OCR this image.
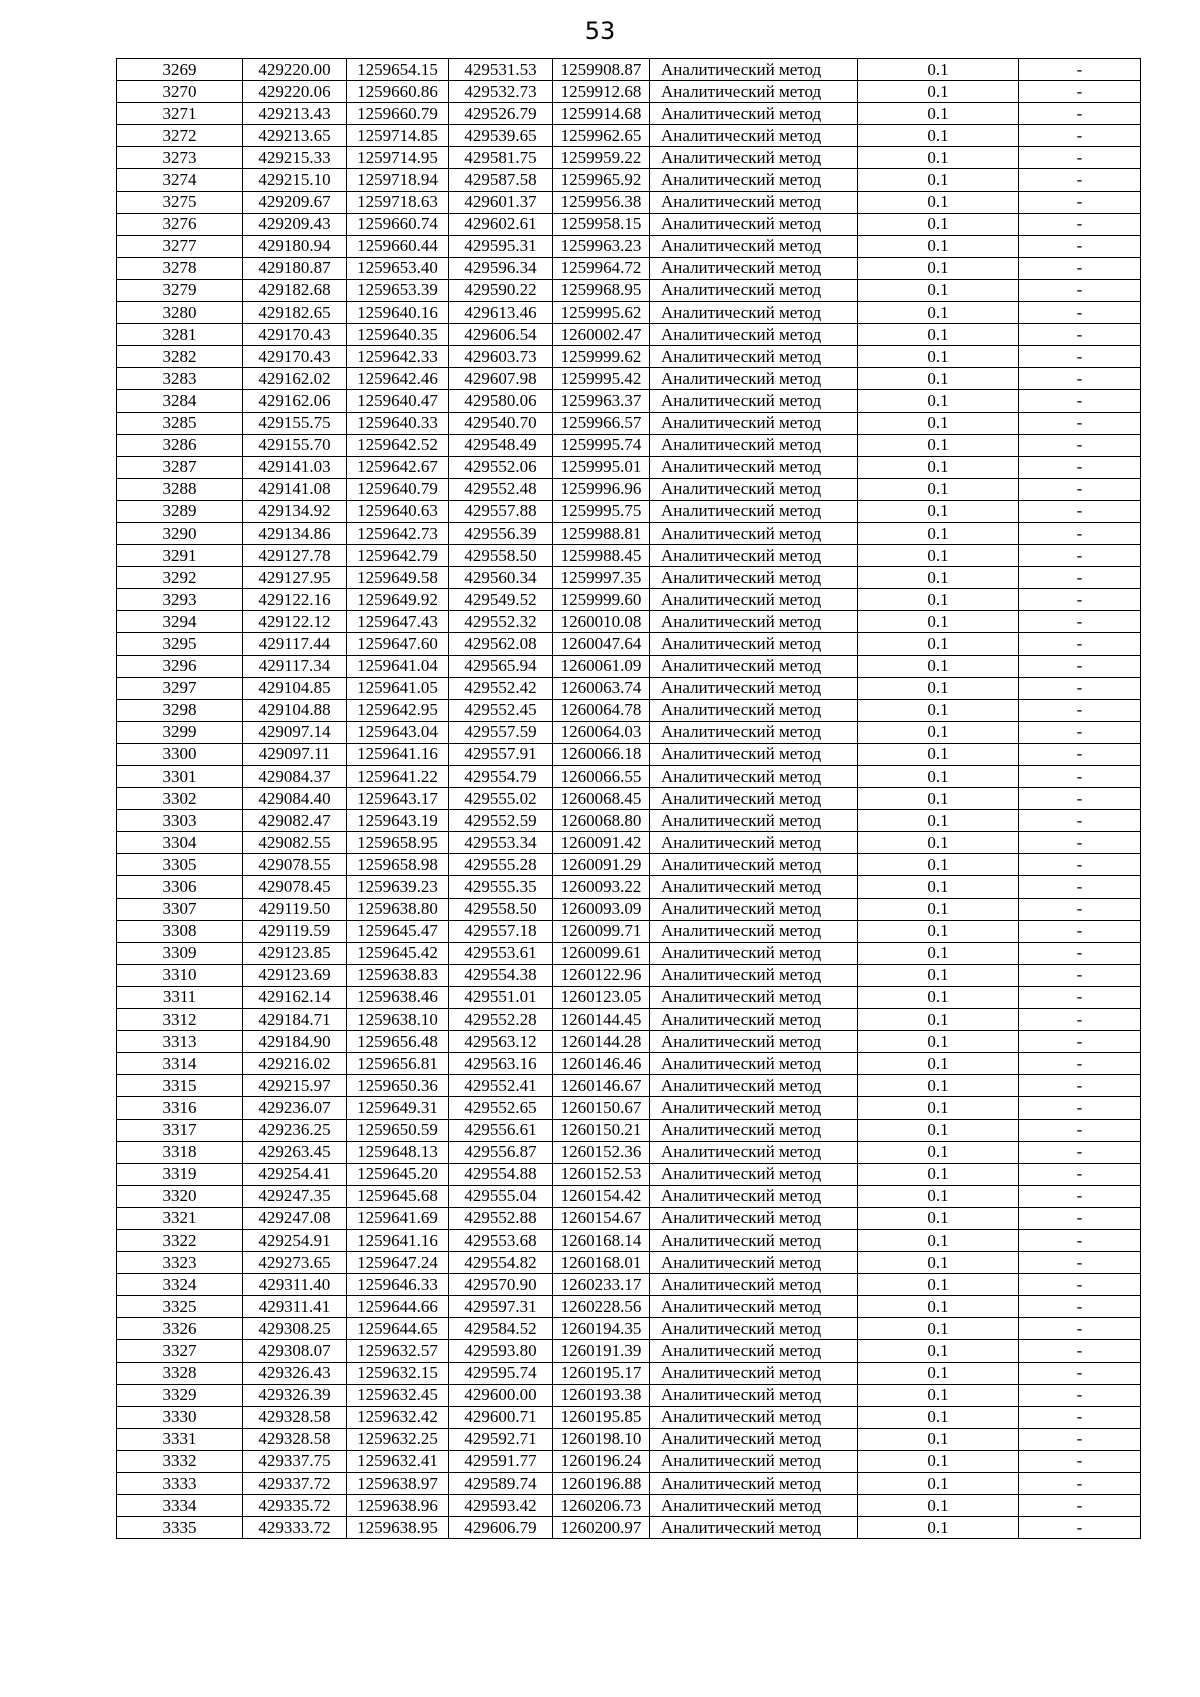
53
3269	429220.00	1259654.15	429531.53	1259908.87	Аналитический метод	0.1	-
3270	429220.06	1259660.86	429532.73	1259912.68	Аналитический метод	0.1	-
3271	429213.43	1259660.79	429526.79	1259914.68	Аналитический метод	0.1	-
3272	429213.65	1259714.85	429539.65	1259962.65	Аналитический метод	0.1	-
3273	429215.33	1259714.95	429581.75	1259959.22	Аналитический метод	0.1	-
3274	429215.10	1259718.94	429587.58	1259965.92	Аналитический метод	0.1	-
3275	429209.67	1259718.63	429601.37	1259956.38	Аналитический метод	0.1	-
3276	429209.43	1259660.74	429602.61	1259958.15	Аналитический метод	0.1	-
3277	429180.94	1259660.44	429595.31	1259963.23	Аналитический метод	0.1	-
3278	429180.87	1259653.40	429596.34	1259964.72	Аналитический метод	0.1	-
3279	429182.68	1259653.39	429590.22	1259968.95	Аналитический метод	0.1	-
3280	429182.65	1259640.16	429613.46	1259995.62	Аналитический метод	0.1	-
3281	429170.43	1259640.35	429606.54	1260002.47	Аналитический метод	0.1	-
3282	429170.43	1259642.33	429603.73	1259999.62	Аналитический метод	0.1	-
3283	429162.02	1259642.46	429607.98	1259995.42	Аналитический метод	0.1	-
3284	429162.06	1259640.47	429580.06	1259963.37	Аналитический метод	0.1	-
3285	429155.75	1259640.33	429540.70	1259966.57	Аналитический метод	0.1	-
3286	429155.70	1259642.52	429548.49	1259995.74	Аналитический метод	0.1	-
3287	429141.03	1259642.67	429552.06	1259995.01	Аналитический метод	0.1	-
3288	429141.08	1259640.79	429552.48	1259996.96	Аналитический метод	0.1	-
3289	429134.92	1259640.63	429557.88	1259995.75	Аналитический метод	0.1	-
3290	429134.86	1259642.73	429556.39	1259988.81	Аналитический метод	0.1	-
3291	429127.78	1259642.79	429558.50	1259988.45	Аналитический метод	0.1	-
3292	429127.95	1259649.58	429560.34	1259997.35	Аналитический метод	0.1	-
3293	429122.16	1259649.92	429549.52	1259999.60	Аналитический метод	0.1	-
3294	429122.12	1259647.43	429552.32	1260010.08	Аналитический метод	0.1	-
3295	429117.44	1259647.60	429562.08	1260047.64	Аналитический метод	0.1	-
3296	429117.34	1259641.04	429565.94	1260061.09	Аналитический метод	0.1	-
3297	429104.85	1259641.05	429552.42	1260063.74	Аналитический метод	0.1	-
3298	429104.88	1259642.95	429552.45	1260064.78	Аналитический метод	0.1	-
3299	429097.14	1259643.04	429557.59	1260064.03	Аналитический метод	0.1	-
3300	429097.11	1259641.16	429557.91	1260066.18	Аналитический метод	0.1	-
3301	429084.37	1259641.22	429554.79	1260066.55	Аналитический метод	0.1	-
3302	429084.40	1259643.17	429555.02	1260068.45	Аналитический метод	0.1	-
3303	429082.47	1259643.19	429552.59	1260068.80	Аналитический метод	0.1	-
3304	429082.55	1259658.95	429553.34	1260091.42	Аналитический метод	0.1	-
3305	429078.55	1259658.98	429555.28	1260091.29	Аналитический метод	0.1	-
3306	429078.45	1259639.23	429555.35	1260093.22	Аналитический метод	0.1	-
3307	429119.50	1259638.80	429558.50	1260093.09	Аналитический метод	0.1	-
3308	429119.59	1259645.47	429557.18	1260099.71	Аналитический метод	0.1	-
3309	429123.85	1259645.42	429553.61	1260099.61	Аналитический метод	0.1	-
3310	429123.69	1259638.83	429554.38	1260122.96	Аналитический метод	0.1	-
3311	429162.14	1259638.46	429551.01	1260123.05	Аналитический метод	0.1	-
3312	429184.71	1259638.10	429552.28	1260144.45	Аналитический метод	0.1	-
3313	429184.90	1259656.48	429563.12	1260144.28	Аналитический метод	0.1	-
3314	429216.02	1259656.81	429563.16	1260146.46	Аналитический метод	0.1	-
3315	429215.97	1259650.36	429552.41	1260146.67	Аналитический метод	0.1	-
3316	429236.07	1259649.31	429552.65	1260150.67	Аналитический метод	0.1	-
3317	429236.25	1259650.59	429556.61	1260150.21	Аналитический метод	0.1	-
3318	429263.45	1259648.13	429556.87	1260152.36	Аналитический метод	0.1	-
3319	429254.41	1259645.20	429554.88	1260152.53	Аналитический метод	0.1	-
3320	429247.35	1259645.68	429555.04	1260154.42	Аналитический метод	0.1	-
3321	429247.08	1259641.69	429552.88	1260154.67	Аналитический метод	0.1	-
3322	429254.91	1259641.16	429553.68	1260168.14	Аналитический метод	0.1	-
3323	429273.65	1259647.24	429554.82	1260168.01	Аналитический метод	0.1	-
3324	429311.40	1259646.33	429570.90	1260233.17	Аналитический метод	0.1	-
3325	429311.41	1259644.66	429597.31	1260228.56	Аналитический метод	0.1	-
3326	429308.25	1259644.65	429584.52	1260194.35	Аналитический метод	0.1	-
3327	429308.07	1259632.57	429593.80	1260191.39	Аналитический метод	0.1	-
3328	429326.43	1259632.15	429595.74	1260195.17	Аналитический метод	0.1	-
3329	429326.39	1259632.45	429600.00	1260193.38	Аналитический метод	0.1	-
3330	429328.58	1259632.42	429600.71	1260195.85	Аналитический метод	0.1	-
3331	429328.58	1259632.25	429592.71	1260198.10	Аналитический метод	0.1	-
3332	429337.75	1259632.41	429591.77	1260196.24	Аналитический метод	0.1	-
3333	429337.72	1259638.97	429589.74	1260196.88	Аналитический метод	0.1	-
3334	429335.72	1259638.96	429593.42	1260206.73	Аналитический метод	0.1	-
3335	429333.72	1259638.95	429606.79	1260200.97	Аналитический метод	0.1	-
